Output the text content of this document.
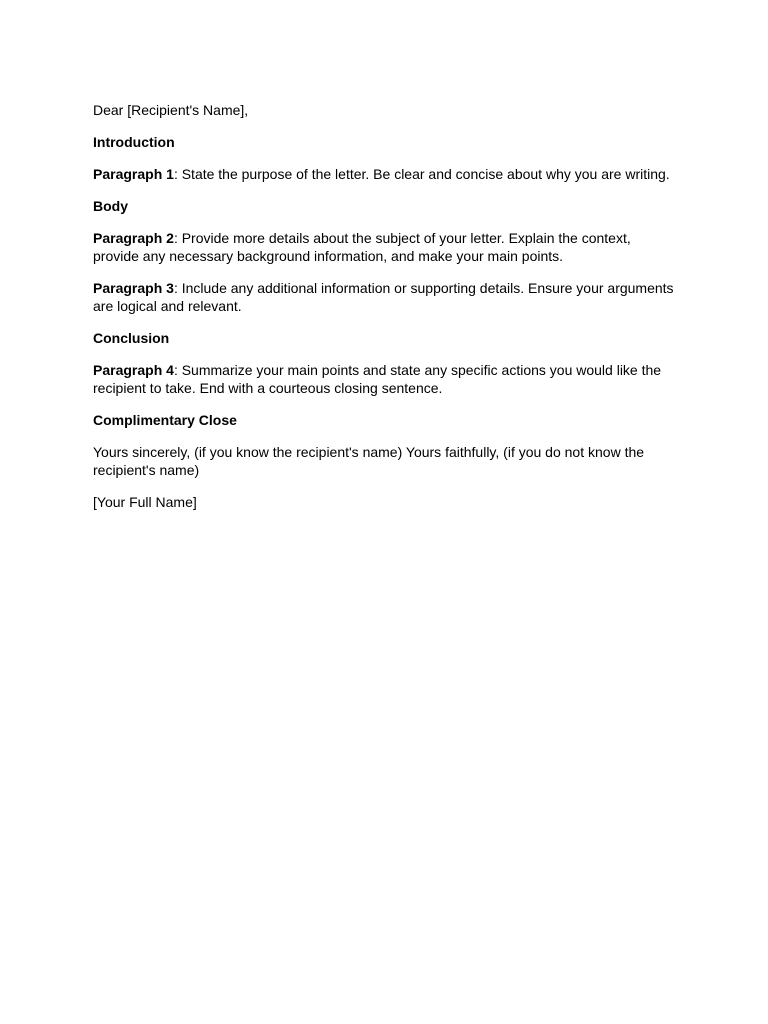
Dear [Recipient's Name],

Introduction

Paragraph 1: State the purpose of the letter. Be clear and concise about why you are writing.

Body

Paragraph 2: Provide more details about the subject of your letter. Explain the context, provide any necessary background information, and make your main points.

Paragraph 3: Include any additional information or supporting details. Ensure your arguments are logical and relevant.

Conclusion

Paragraph 4: Summarize your main points and state any specific actions you would like the recipient to take. End with a courteous closing sentence.

Complimentary Close

Yours sincerely, (if you know the recipient's name) Yours faithfully, (if you do not know the recipient's name)

[Your Full Name]
